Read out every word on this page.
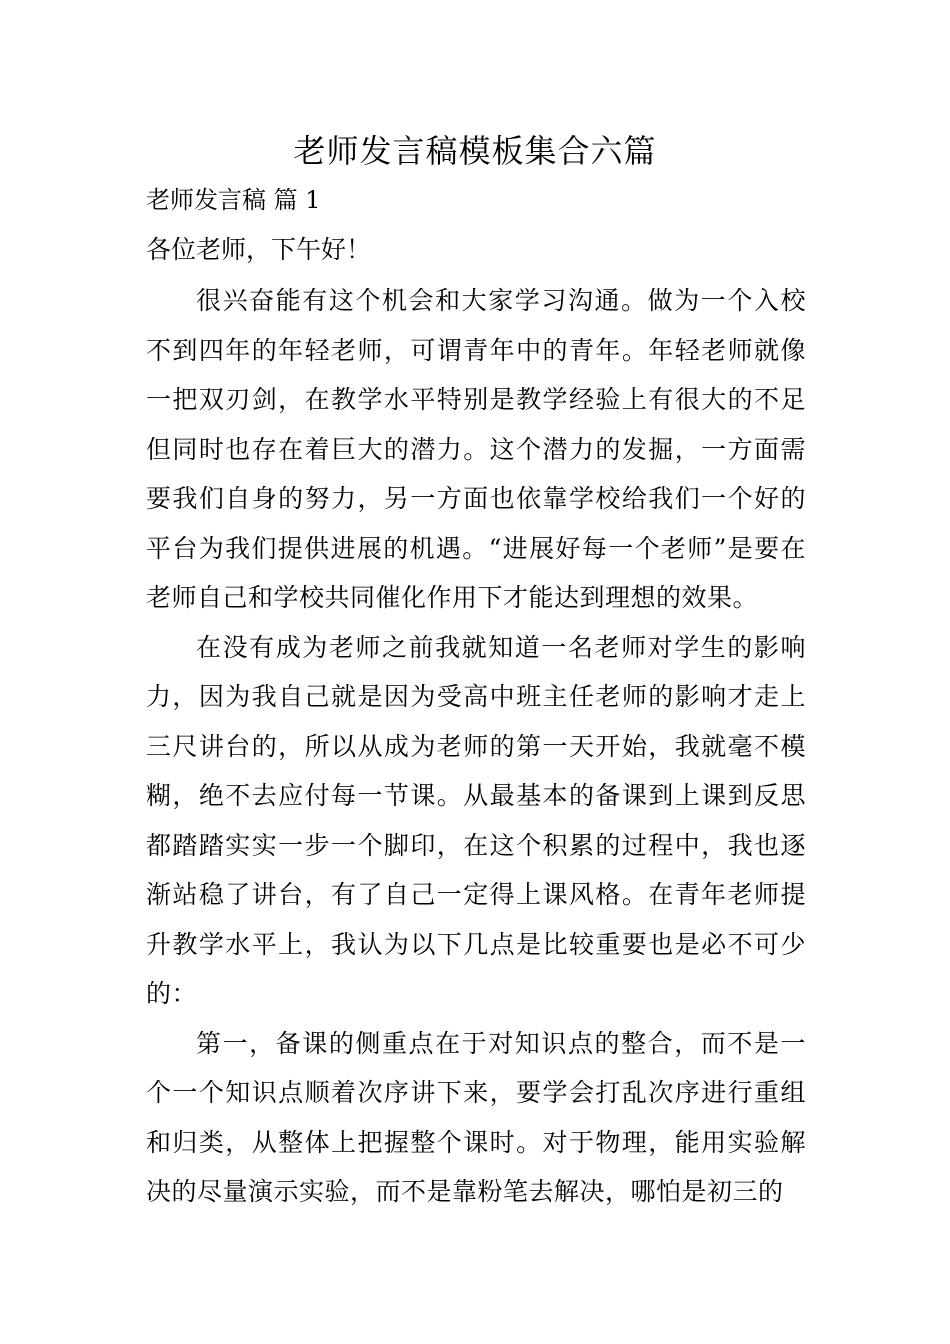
老师发言稿模板集合六篇
老师发言稿 篇 1

各位老师，下午好！

很兴奋能有这个机会和大家学习沟通。做为一个入校不到四年的年轻老师，可谓青年中的青年。年轻老师就像一把双刃剑，在教学水平特别是教学经验上有很大的不足但同时也存在着巨大的潜力。这个潜力的发掘，一方面需要我们自身的努力，另一方面也依靠学校给我们一个好的平台为我们提供进展的机遇。“进展好每一个老师”是要在老师自己和学校共同催化作用下才能达到理想的效果。

在没有成为老师之前我就知道一名老师对学生的影响力，因为我自己就是因为受高中班主任老师的影响才走上三尺讲台的，所以从成为老师的第一天开始，我就毫不模糊，绝不去应付每一节课。从最基本的备课到上课到反思都踏踏实实一步一个脚印，在这个积累的过程中，我也逐渐站稳了讲台，有了自己一定得上课风格。在青年老师提升教学水平上，我认为以下几点是比较重要也是必不可少的：

第一，备课的侧重点在于对知识点的整合，而不是一个一个知识点顺着次序讲下来，要学会打乱次序进行重组和归类，从整体上把握整个课时。对于物理，能用实验解决的尽量演示实验，而不是靠粉笔去解决，哪怕是初三的
